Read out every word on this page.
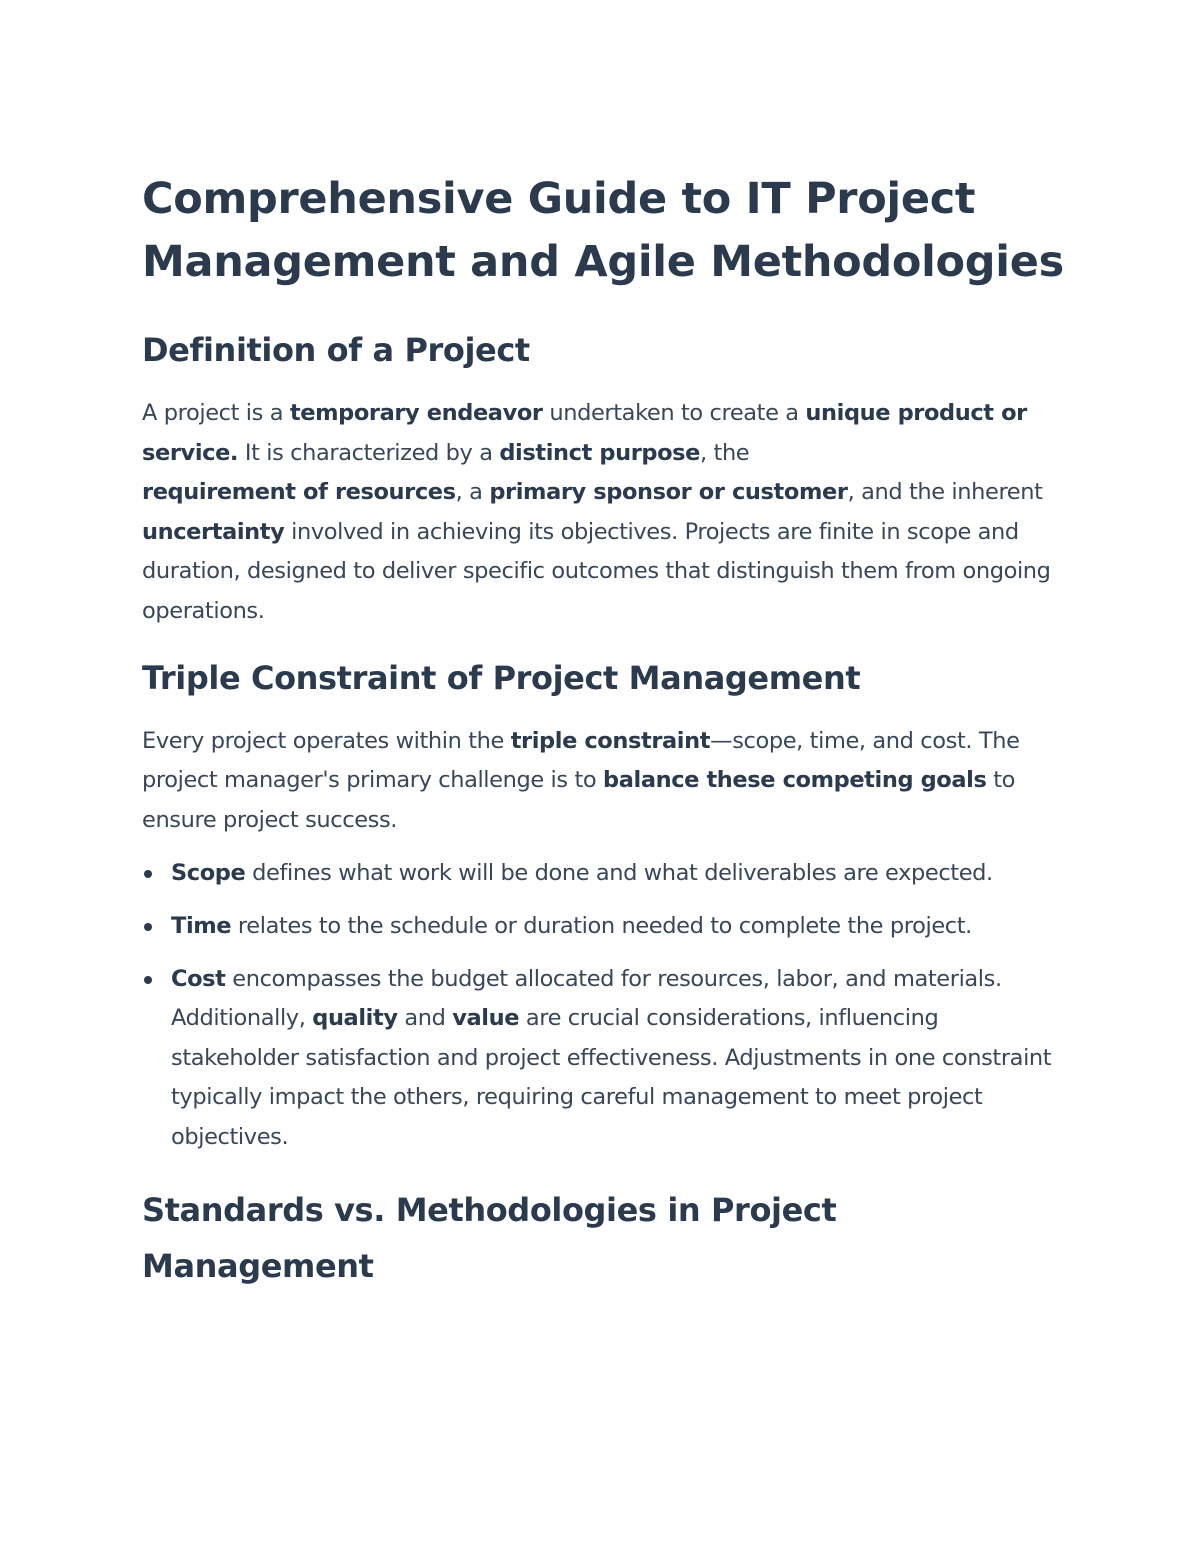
Comprehensive Guide to IT Project Management and Agile Methodologies
Definition of a Project

A project is a temporary endeavor undertaken to create a unique product or service. It is characterized by a distinct purpose, the
requirement of resources, a primary sponsor or customer, and the inherent uncertainty involved in achieving its objectives. Projects are finite in scope and duration, designed to deliver specific outcomes that distinguish them from ongoing operations.

Triple Constraint of Project Management

Every project operates within the triple constraint—scope, time, and cost. The project manager's primary challenge is to balance these competing goals to ensure project success.

Scope defines what work will be done and what deliverables are expected.
Time relates to the schedule or duration needed to complete the project.
Cost encompasses the budget allocated for resources, labor, and materials. Additionally, quality and value are crucial considerations, influencing stakeholder satisfaction and project effectiveness. Adjustments in one constraint typically impact the others, requiring careful management to meet project objectives.
Standards vs. Methodologies in Project Management
